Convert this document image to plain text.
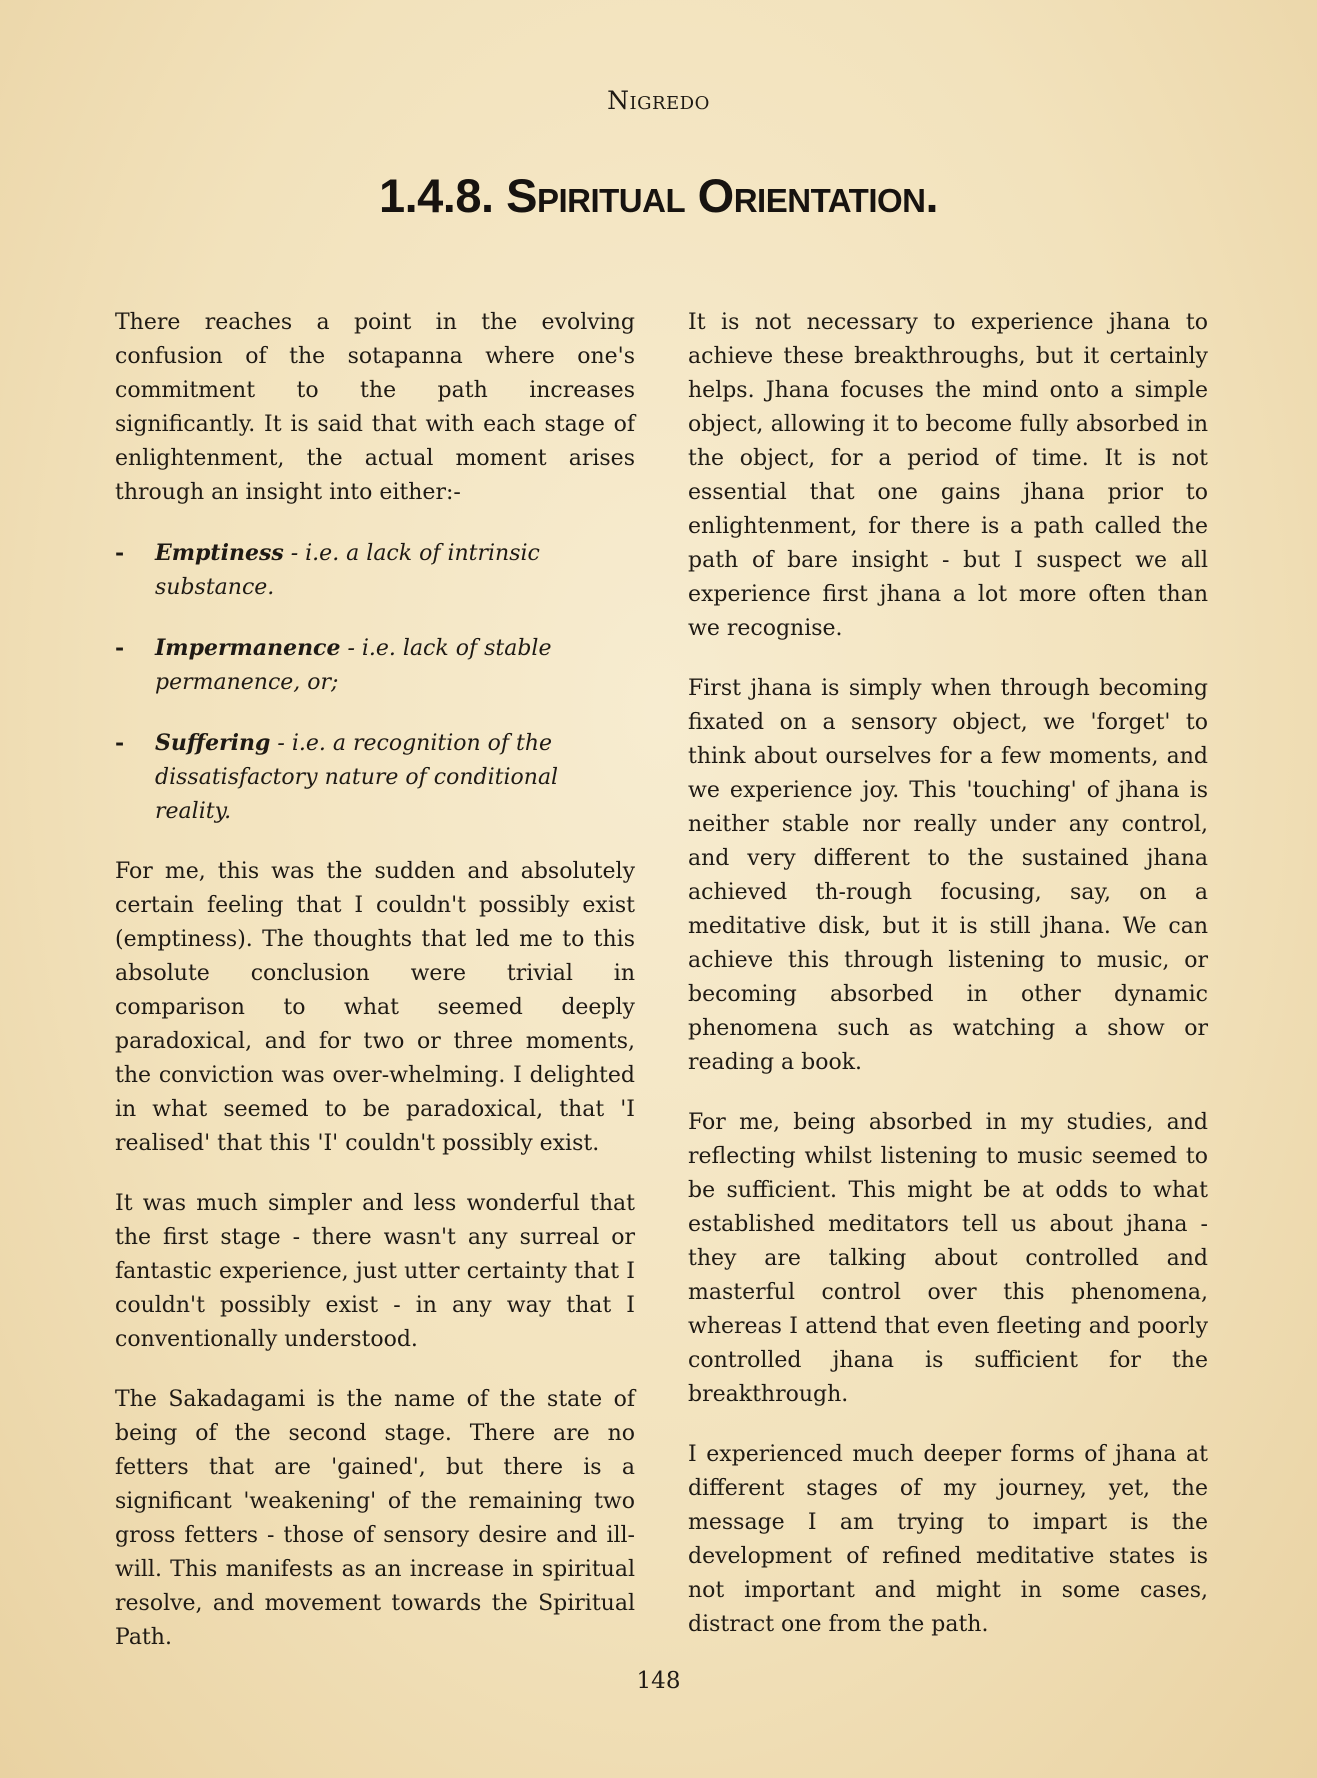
Nigredo
1.4.8. Spiritual Orientation.

There reaches a point in the evolving confusion of the sotapanna where one's commitment to the path increases significantly. It is said that with each stage of enlightenment, the actual moment arises through an insight into either:-

- Emptiness - i.e. a lack of intrinsic substance.
- Impermanence - i.e. lack of stable permanence, or;
- Suffering - i.e. a recognition of the dissatisfactory nature of conditional reality.

For me, this was the sudden and absolutely certain feeling that I couldn't possibly exist (emptiness). The thoughts that led me to this absolute conclusion were trivial in comparison to what seemed deeply paradoxical, and for two or three moments, the conviction was over-whelming. I delighted in what seemed to be paradoxical, that 'I realised' that this 'I' couldn't possibly exist.

It was much simpler and less wonderful that the first stage - there wasn't any surreal or fantastic experience, just utter certainty that I couldn't possibly exist - in any way that I conventionally understood.

The Sakadagami is the name of the state of being of the second stage. There are no fetters that are 'gained', but there is a significant 'weakening' of the remaining two gross fetters - those of sensory desire and ill-will. This manifests as an increase in spiritual resolve, and movement towards the Spiritual Path.

It is not necessary to experience jhana to achieve these breakthroughs, but it certainly helps. Jhana focuses the mind onto a simple object, allowing it to become fully absorbed in the object, for a period of time. It is not essential that one gains jhana prior to enlightenment, for there is a path called the path of bare insight - but I suspect we all experience first jhana a lot more often than we recognise.

First jhana is simply when through becoming fixated on a sensory object, we 'forget' to think about ourselves for a few moments, and we experience joy. This 'touching' of jhana is neither stable nor really under any control, and very different to the sustained jhana achieved th-rough focusing, say, on a meditative disk, but it is still jhana. We can achieve this through listening to music, or becoming absorbed in other dynamic phenomena such as watching a show or reading a book.

For me, being absorbed in my studies, and reflecting whilst listening to music seemed to be sufficient. This might be at odds to what established meditators tell us about jhana - they are talking about controlled and masterful control over this phenomena, whereas I attend that even fleeting and poorly controlled jhana is sufficient for the breakthrough.

I experienced much deeper forms of jhana at different stages of my journey, yet, the message I am trying to impart is the development of refined meditative states is not important and might in some cases, distract one from the path.

148
